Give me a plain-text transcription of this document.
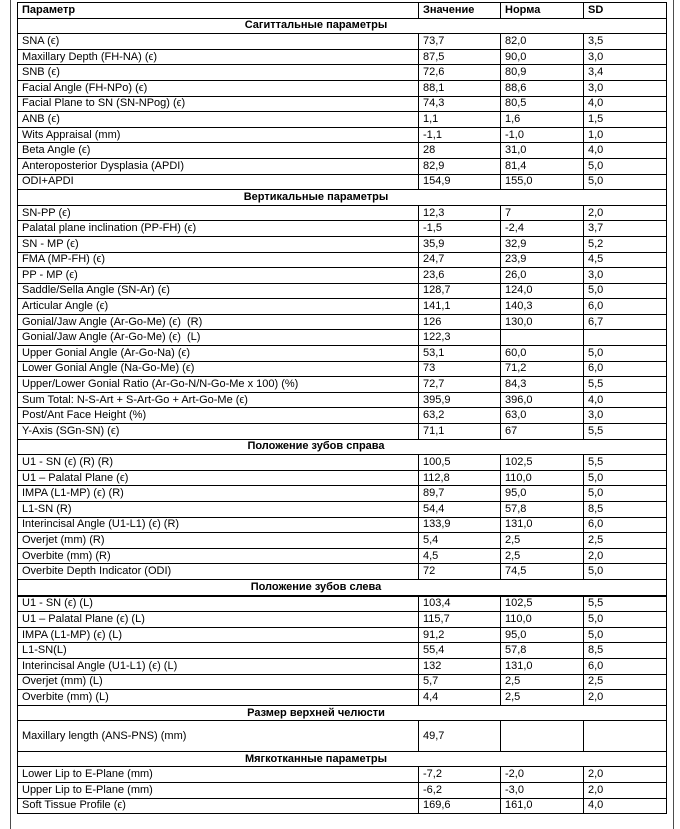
Параметр	Значение	Норма	SD
Сагиттальные параметры			
SNA (ϵ)	73,7	82,0	3,5
Maxillary Depth (FH-NA) (ϵ)	87,5	90,0	3,0
SNB (ϵ)	72,6	80,9	3,4
Facial Angle (FH-NPo) (ϵ)	88,1	88,6	3,0
Facial Plane to SN (SN-NPog) (ϵ)	74,3	80,5	4,0
ANB (ϵ)	1,1	1,6	1,5
Wits Appraisal (mm)	-1,1	-1,0	1,0
Beta Angle (ϵ)	28	31,0	4,0
Anteroposterior Dysplasia (APDI)	82,9	81,4	5,0
ODI+APDI	154,9	155,0	5,0
Вертикальные параметры			
SN-PP (ϵ)	12,3	7	2,0
Palatal plane inclination (PP-FH) (ϵ)	-1,5	-2,4	3,7
SN - MP (ϵ)	35,9	32,9	5,2
FMA (MP-FH) (ϵ)	24,7	23,9	4,5
PP - MP (ϵ)	23,6	26,0	3,0
Saddle/Sella Angle (SN-Ar) (ϵ)	128,7	124,0	5,0
Articular Angle (ϵ)	141,1	140,3	6,0
Gonial/Jaw Angle (Ar-Go-Me) (ϵ)  (R)	126	130,0	6,7
Gonial/Jaw Angle (Ar-Go-Me) (ϵ)  (L)	122,3		
Upper Gonial Angle (Ar-Go-Na) (ϵ)	53,1	60,0	5,0
Lower Gonial Angle (Na-Go-Me) (ϵ)	73	71,2	6,0
Upper/Lower Gonial Ratio (Ar-Go-N/N-Go-Me x 100) (%)	72,7	84,3	5,5
Sum Total: N-S-Art + S-Art-Go + Art-Go-Me (ϵ)	395,9	396,0	4,0
Post/Ant Face Height (%)	63,2	63,0	3,0
Y-Axis (SGn-SN) (ϵ)	71,1	67	5,5
Положение зубов справа			
U1 - SN (ϵ) (R) (R)	100,5	102,5	5,5
U1 – Palatal Plane (ϵ)	112,8	110,0	5,0
IMPA (L1-MP) (ϵ) (R)	89,7	95,0	5,0
L1-SN (R)	54,4	57,8	8,5
Interincisal Angle (U1-L1) (ϵ) (R)	133,9	131,0	6,0
Overjet (mm) (R)	5,4	2,5	2,5
Overbite (mm) (R)	4,5	2,5	2,0
Overbite Depth Indicator (ODI)	72	74,5	5,0
Положение зубов слева			
U1 - SN (ϵ) (L)	103,4	102,5	5,5
U1 – Palatal Plane (ϵ) (L)	115,7	110,0	5,0
IMPA (L1-MP) (ϵ) (L)	91,2	95,0	5,0
L1-SN(L)	55,4	57,8	8,5
Interincisal Angle (U1-L1) (ϵ) (L)	132	131,0	6,0
Overjet (mm) (L)	5,7	2,5	2,5
Overbite (mm) (L)	4,4	2,5	2,0
Размер верхней челюсти			
Maxillary length (ANS-PNS) (mm)	49,7		
Мягкотканные параметры			
Lower Lip to E-Plane (mm)	-7,2	-2,0	2,0
Upper Lip to E-Plane (mm)	-6,2	-3,0	2,0
Soft Tissue Profile (ϵ)	169,6	161,0	4,0
